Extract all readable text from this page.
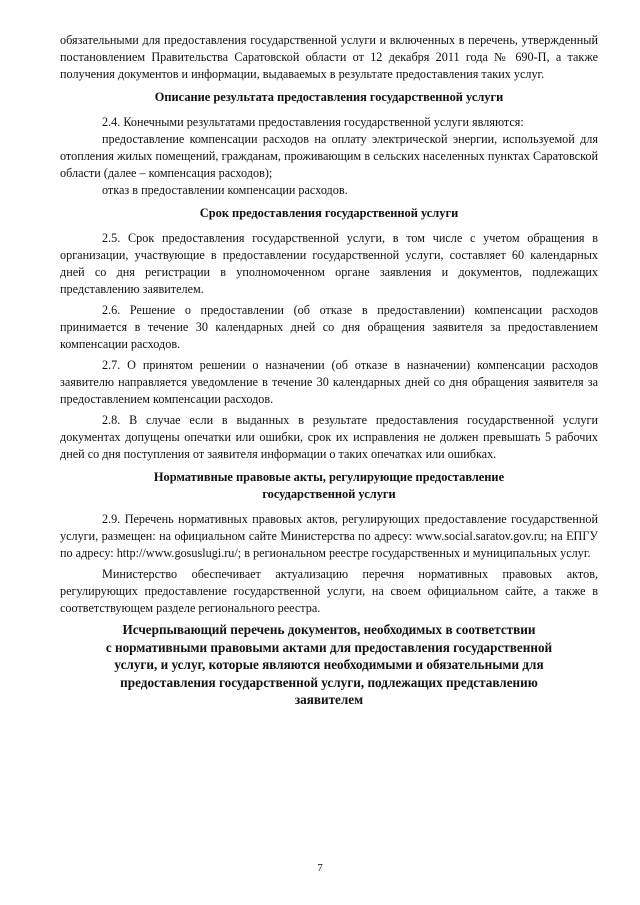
обязательными для предоставления государственной услуги и включенных в перечень, утвержденный постановлением Правительства Саратовской области от 12 декабря 2011 года № 690-П, а также получения документов и информации, выдаваемых в результате предоставления таких услуг.

Описание результата предоставления государственной услуги

2.4. Конечными результатами предоставления государственной услуги являются:

предоставление компенсации расходов на оплату электрической энергии, используемой для отопления жилых помещений, гражданам, проживающим в сельских населенных пунктах Саратовской области (далее – компенсация расходов);

отказ в предоставлении компенсации расходов.

Срок предоставления государственной услуги

2.5. Срок предоставления государственной услуги, в том числе с учетом обращения в организации, участвующие в предоставлении государственной услуги, составляет 60 календарных дней со дня регистрации в уполномоченном органе заявления и документов, подлежащих представлению заявителем.

2.6. Решение о предоставлении (об отказе в предоставлении) компенсации расходов принимается в течение 30 календарных дней со дня обращения заявителя за предоставлением компенсации расходов.

2.7. О принятом решении о назначении (об отказе в назначении) компенсации расходов заявителю направляется уведомление в течение 30 календарных дней со дня обращения заявителя за предоставлением компенсации расходов.

2.8. В случае если в выданных в результате предоставления государственной услуги документах допущены опечатки или ошибки, срок их исправления не должен превышать 5 рабочих дней со дня поступления от заявителя информации о таких опечатках или ошибках.

Нормативные правовые акты, регулирующие предоставление
государственной услуги

2.9. Перечень нормативных правовых актов, регулирующих предоставление государственной услуги, размещен: на официальном сайте Министерства по адресу: www.social.saratov.gov.ru; на ЕПГУ по адресу: http://www.gosuslugi.ru/; в региональном реестре государственных и муниципальных услуг.

Министерство обеспечивает актуализацию перечня нормативных правовых актов, регулирующих предоставление государственной услуги, на своем официальном сайте, а также в соответствующем разделе регионального реестра.

Исчерпывающий перечень документов, необходимых в соответствии
с нормативными правовыми актами для предоставления государственной
услуги, и услуг, которые являются необходимыми и обязательными для
предоставления государственной услуги, подлежащих представлению
заявителем
7
